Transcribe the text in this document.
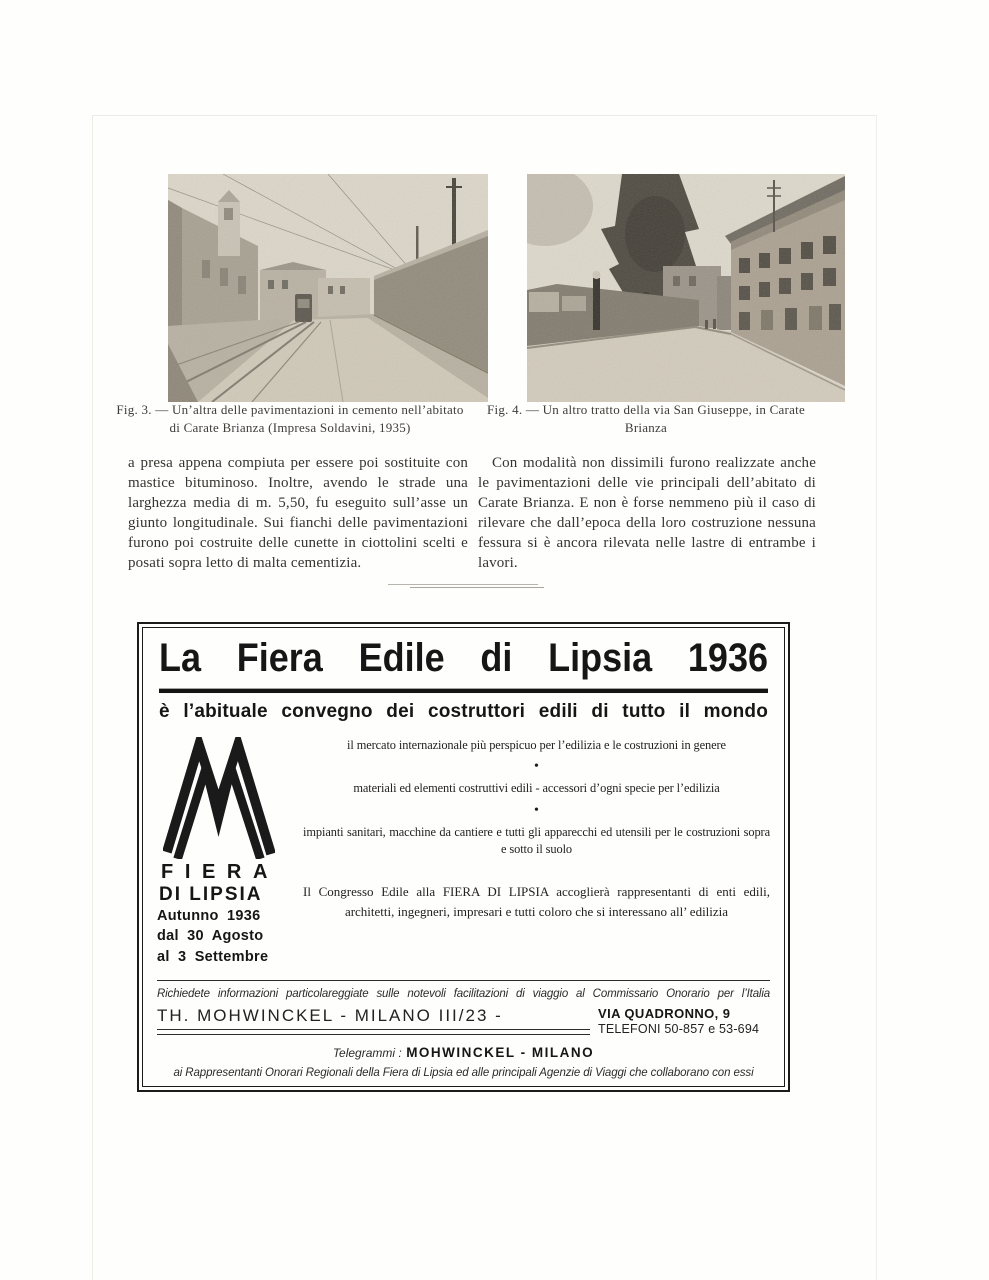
Fig. 3. — Un’altra delle pavimentazioni in cemento nell’abitato di Carate Brianza (Impresa Soldavini, 1935)

Fig. 4. — Un altro tratto della via San Giuseppe, in Carate Brianza

a presa appena compiuta per essere poi sostituite con mastice bituminoso. Inoltre, avendo le strade una larghezza media di m. 5,50, fu eseguito sull’asse un giunto longitudinale. Sui fianchi delle pavimentazioni furono poi costruite delle cunette in ciottolini scelti e posati sopra letto di malta cementizia.

Con modalità non dissimili furono realizzate anche le pavimentazioni delle vie principali dell’abitato di Carate Brianza. E non è forse nemmeno più il caso di rilevare che dall’epoca della loro costruzione nessuna fessura si è ancora rilevata nelle lastre di entrambe i lavori.

La Fiera Edile di Lipsia 1936
è l’abituale convegno dei costruttori edili di tutto il mondo
FIERA
DI LIPSIA
Autunno 1936
dal 30 Agosto
al 3 Settembre

il mercato internazionale più perspicuo per l’edilizia e le costruzioni in genere

•

materiali ed elementi costruttivi edili - accessori d’ogni specie per l’edilizia

•

impianti sanitari, macchine da cantiere e tutti gli apparecchi ed utensili per le costruzioni sopra e sotto il suolo

Il Congresso Edile alla FIERA DI LIPSIA accoglierà rappresentanti di enti edili, architetti, ingegneri, impresari e tutti coloro che si interessano all’ edilizia

Richiedete informazioni particolareggiate sulle notevoli facilitazioni di viaggio al Commissario Onorario per l’Italia

TH. MOHWINCKEL - MILANO III/23 -	VIA QUADRONNO, 9
TELEFONI 50-857 e 53-694

Telegrammi : MOHWINCKEL - MILANO

ai Rappresentanti Onorari Regionali della Fiera di Lipsia ed alle principali Agenzie di Viaggi che collaborano con essi
